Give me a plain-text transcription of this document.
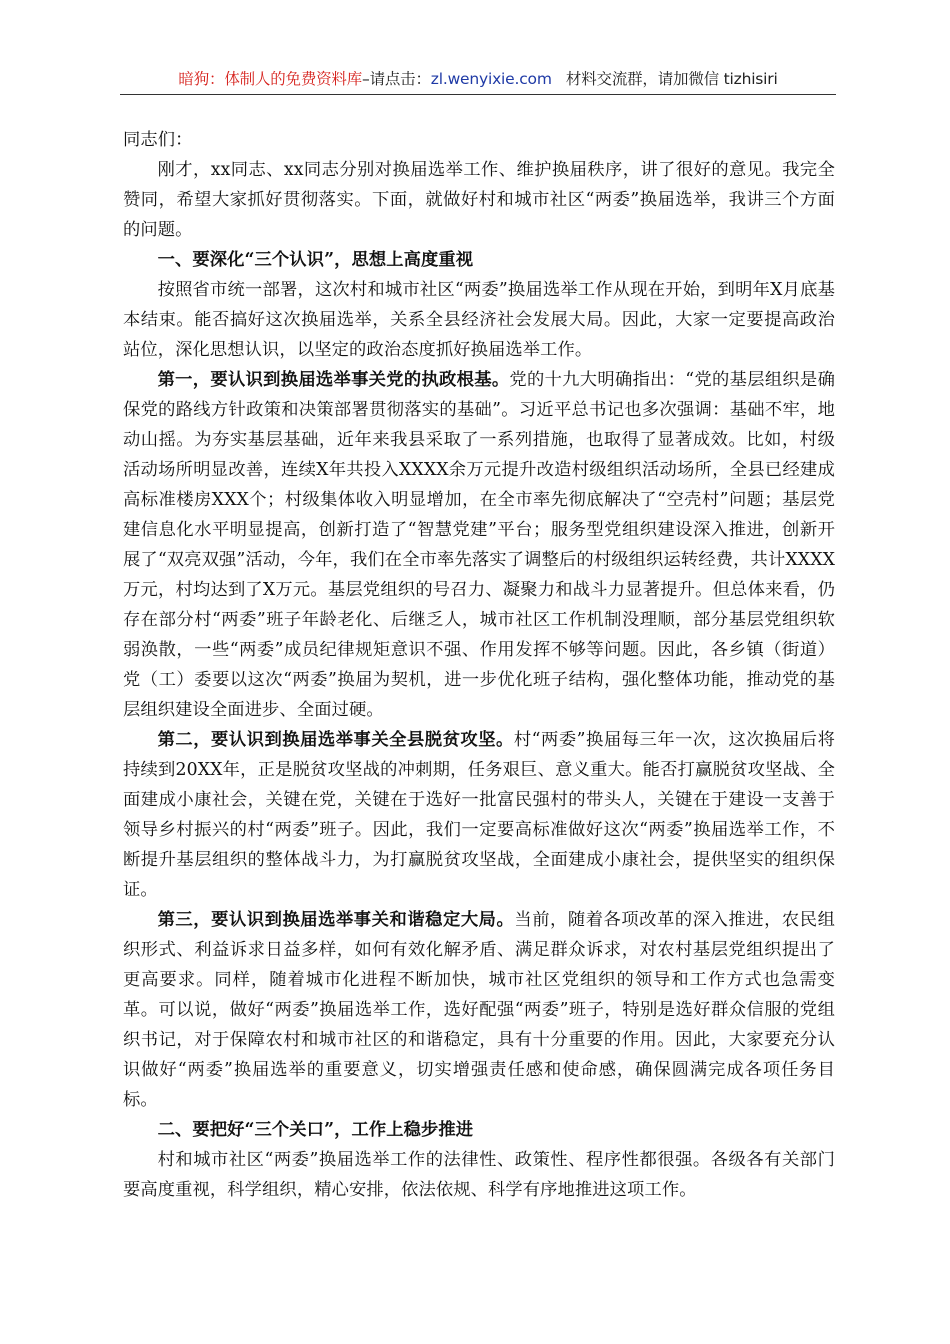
暗狗：体制人的免费资料库–请点击：zl.wenyixie.com 材料交流群，请加微信 tizhisiri

同志们：

刚才，xx同志、xx同志分别对换届选举工作、维护换届秩序，讲了很好的意见。我完全赞同，希望大家抓好贯彻落实。下面，就做好村和城市社区“两委”换届选举，我讲三个方面的问题。

一、要深化“三个认识”，思想上高度重视

按照省市统一部署，这次村和城市社区“两委”换届选举工作从现在开始，到明年X月底基本结束。能否搞好这次换届选举，关系全县经济社会发展大局。因此，大家一定要提高政治站位，深化思想认识，以坚定的政治态度抓好换届选举工作。

第一，要认识到换届选举事关党的执政根基。党的十九大明确指出：“党的基层组织是确保党的路线方针政策和决策部署贯彻落实的基础”。习近平总书记也多次强调：基础不牢，地动山摇。为夯实基层基础，近年来我县采取了一系列措施，也取得了显著成效。比如，村级活动场所明显改善，连续X年共投入XXXX余万元提升改造村级组织活动场所，全县已经建成高标准楼房XXX个；村级集体收入明显增加，在全市率先彻底解决了“空壳村”问题；基层党建信息化水平明显提高，创新打造了“智慧党建”平台；服务型党组织建设深入推进，创新开展了“双亮双强”活动，今年，我们在全市率先落实了调整后的村级组织运转经费，共计XXXX万元，村均达到了X万元。基层党组织的号召力、凝聚力和战斗力显著提升。但总体来看，仍存在部分村“两委”班子年龄老化、后继乏人，城市社区工作机制没理顺，部分基层党组织软弱涣散，一些“两委”成员纪律规矩意识不强、作用发挥不够等问题。因此，各乡镇（街道）党（工）委要以这次“两委”换届为契机，进一步优化班子结构，强化整体功能，推动党的基层组织建设全面进步、全面过硬。

第二，要认识到换届选举事关全县脱贫攻坚。村“两委”换届每三年一次，这次换届后将持续到20XX年，正是脱贫攻坚战的冲刺期，任务艰巨、意义重大。能否打赢脱贫攻坚战、全面建成小康社会，关键在党，关键在于选好一批富民强村的带头人，关键在于建设一支善于领导乡村振兴的村“两委”班子。因此，我们一定要高标准做好这次“两委”换届选举工作，不断提升基层组织的整体战斗力，为打赢脱贫攻坚战，全面建成小康社会，提供坚实的组织保证。

第三，要认识到换届选举事关和谐稳定大局。当前，随着各项改革的深入推进，农民组织形式、利益诉求日益多样，如何有效化解矛盾、满足群众诉求，对农村基层党组织提出了更高要求。同样，随着城市化进程不断加快，城市社区党组织的领导和工作方式也急需变革。可以说，做好“两委”换届选举工作，选好配强“两委”班子，特别是选好群众信服的党组织书记，对于保障农村和城市社区的和谐稳定，具有十分重要的作用。因此，大家要充分认识做好“两委”换届选举的重要意义，切实增强责任感和使命感，确保圆满完成各项任务目标。

二、要把好“三个关口”，工作上稳步推进

村和城市社区“两委”换届选举工作的法律性、政策性、程序性都很强。各级各有关部门要高度重视，科学组织，精心安排，依法依规、科学有序地推进这项工作。
